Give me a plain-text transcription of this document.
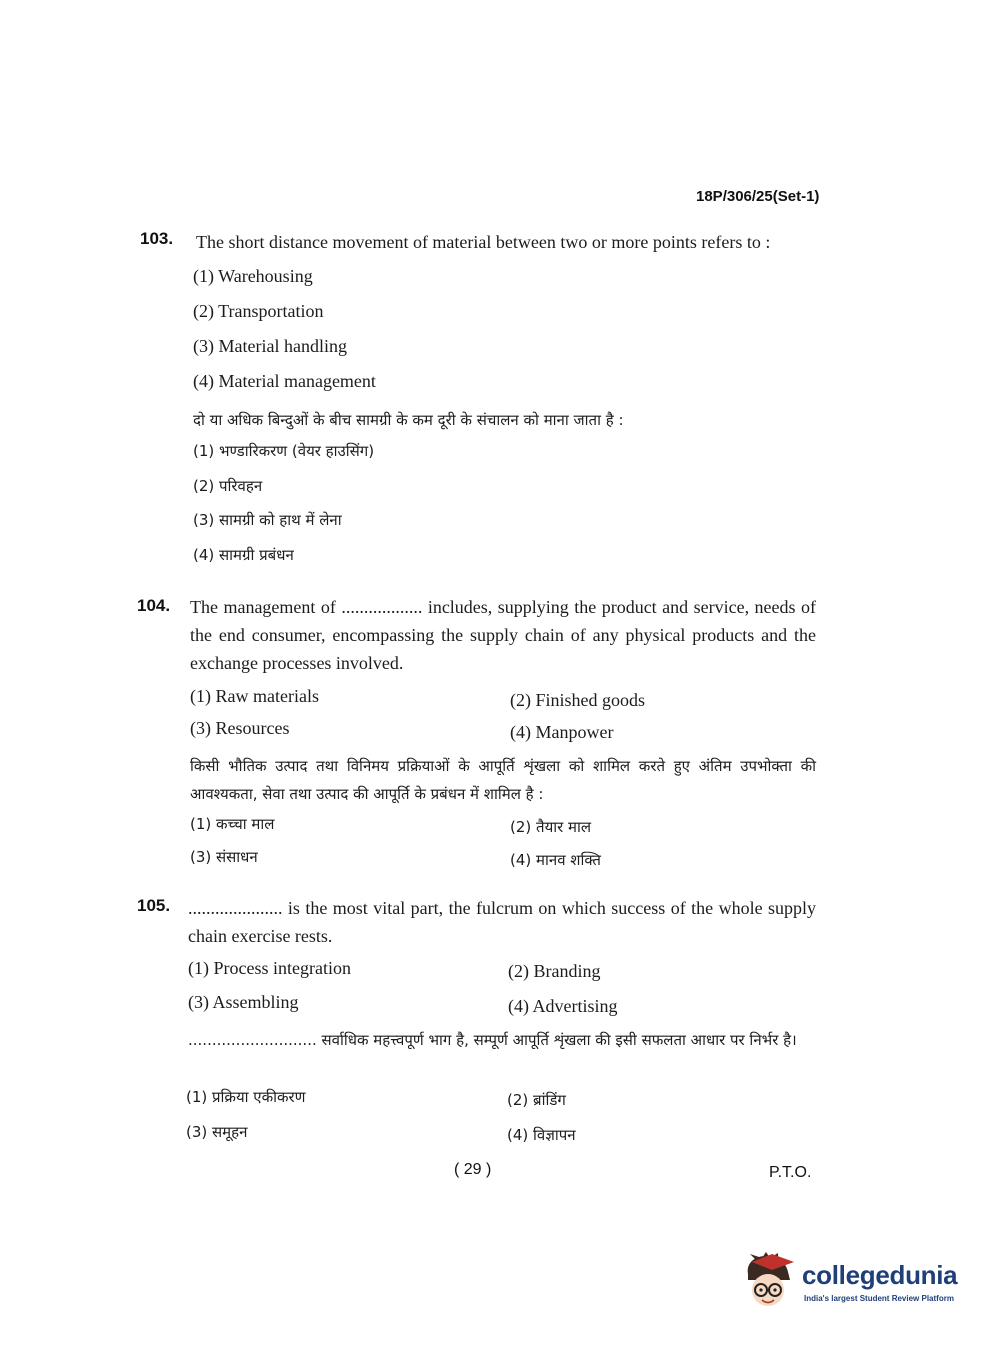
18P/306/25(Set-1)
103. The short distance movement of material between two or more points refers to :
(1) Warehousing
(2) Transportation
(3) Material handling
(4) Material management
दो या अधिक बिन्दुओं के बीच सामग्री के कम दूरी के संचालन को माना जाता है :
(1) भण्डारिकरण (वेयर हाउसिंग)
(2) परिवहन
(3) सामग्री को हाथ में लेना
(4) सामग्री प्रबंधन
104. The management of .................. includes, supplying the product and service, needs of the end consumer, encompassing the supply chain of any physical products and the exchange processes involved.
(1) Raw materials	(2) Finished goods
(3) Resources	(4) Manpower
किसी भौतिक उत्पाद तथा विनिमय प्रक्रियाओं के आपूर्ति शृंखला को शामिल करते हुए अंतिम उपभोक्ता की आवश्यकता, सेवा तथा उत्पाद की आपूर्ति के प्रबंधन में शामिल है :
(1) कच्चा माल	(2) तैयार माल
(3) संसाधन	(4) मानव शक्ति
105. ..................... is the most vital part, the fulcrum on which success of the whole supply chain exercise rests.
(1) Process integration	(2) Branding
(3) Assembling	(4) Advertising
........................... सर्वाधिक महत्त्वपूर्ण भाग है, सम्पूर्ण आपूर्ति शृंखला की इसी सफलता आधार पर निर्भर है।
(1) प्रक्रिया एकीकरण	(2) ब्रांडिंग
(3) समूहन	(4) विज्ञापन
( 29 )	P.T.O.
collegedunia
India's largest Student Review Platform
